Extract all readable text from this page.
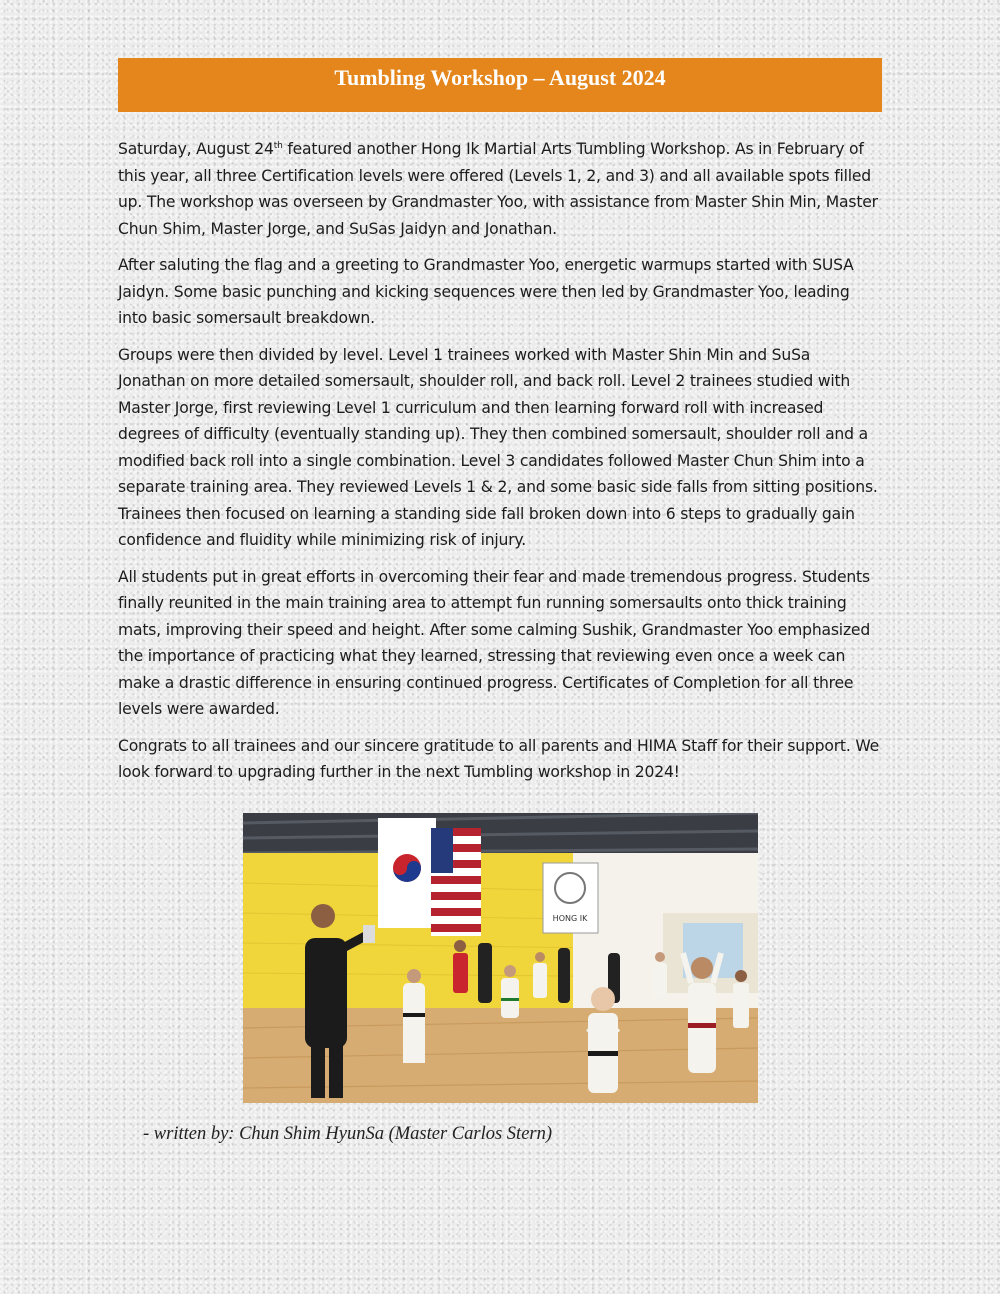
Tumbling Workshop – August 2024

Saturday, August 24th featured another Hong Ik Martial Arts Tumbling Workshop. As in February of this year, all three Certification levels were offered (Levels 1, 2, and 3) and all available spots filled up. The workshop was overseen by Grandmaster Yoo, with assistance from Master Shin Min, Master Chun Shim, Master Jorge, and SuSas Jaidyn and Jonathan.

After saluting the flag and a greeting to Grandmaster Yoo, energetic warmups started with SUSA Jaidyn. Some basic punching and kicking sequences were then led by Grandmaster Yoo, leading into basic somersault breakdown.

Groups were then divided by level. Level 1 trainees worked with Master Shin Min and SuSa Jonathan on more detailed somersault, shoulder roll, and back roll. Level 2 trainees studied with Master Jorge, first reviewing Level 1 curriculum and then learning forward roll with increased degrees of difficulty (eventually standing up). They then combined somersault, shoulder roll and a modified back roll into a single combination. Level 3 candidates followed Master Chun Shim into a separate training area. They reviewed Levels 1 & 2, and some basic side falls from sitting positions. Trainees then focused on learning a standing side fall broken down into 6 steps to gradually gain confidence and fluidity while minimizing risk of injury.

All students put in great efforts in overcoming their fear and made tremendous progress. Students finally reunited in the main training area to attempt fun running somersaults onto thick training mats, improving their speed and height. After some calming Sushik, Grandmaster Yoo emphasized the importance of practicing what they learned, stressing that reviewing even once a week can make a drastic difference in ensuring continued progress. Certificates of Completion for all three levels were awarded.

Congrats to all trainees and our sincere gratitude to all parents and HIMA Staff for their support. We look forward to upgrading further in the next Tumbling workshop in 2024!

HONG IK
- written by: Chun Shim HyunSa (Master Carlos Stern)
